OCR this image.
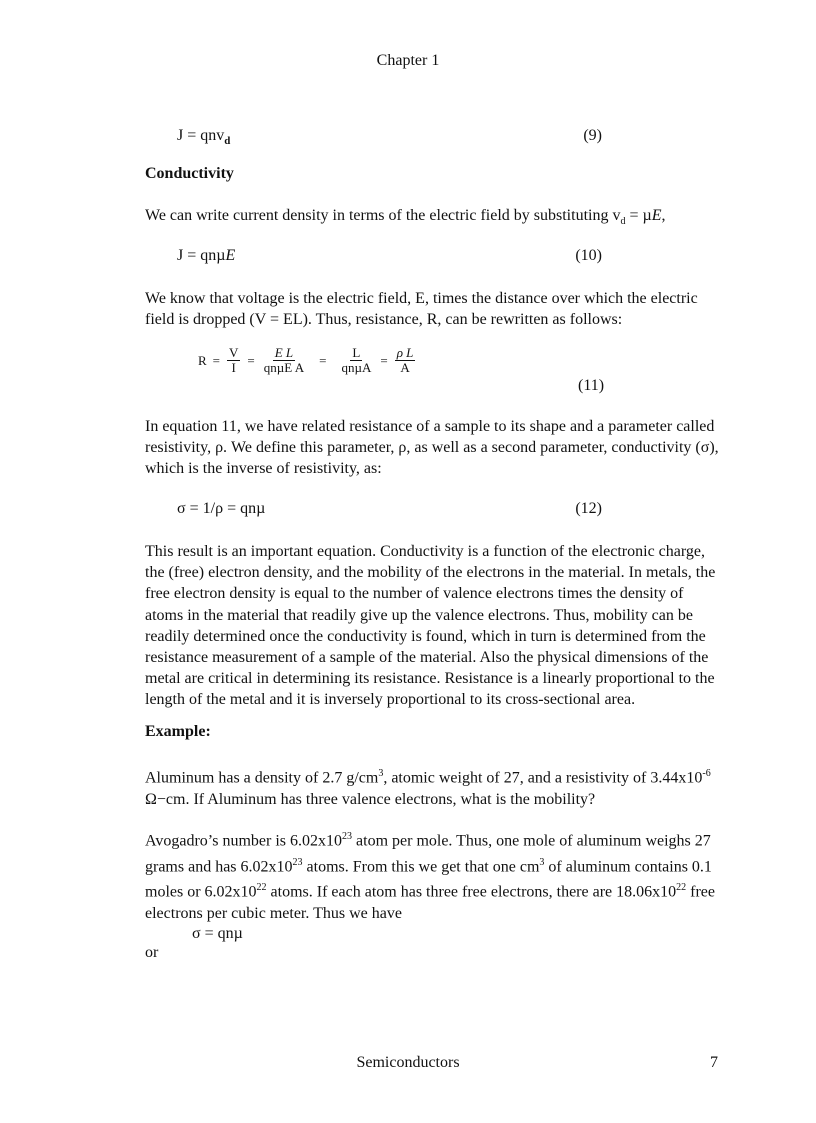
Chapter 1
J = qnv$_d$	(9)
Conductivity
We can write current density in terms of the electric field by substituting $v_d = \mu E$,
J = qnµE	(10)
We know that voltage is the electric field, E, times the distance over which the electric field is dropped (V = EL). Thus, resistance, R, can be rewritten as follows:
$R = \frac{V}{I} = \frac{\text{E L}}{\text{qnµE A}} = \frac{L}{\text{qnµA}} = \frac{\text{ρ L}}{A}$
(11)
In equation 11, we have related resistance of a sample to its shape and a parameter called resistivity, ρ. We define this parameter, ρ, as well as a second parameter, conductivity (σ), which is the inverse of resistivity, as:
σ = 1/ρ = qnµ	(12)
This result is an important equation. Conductivity is a function of the electronic charge, the (free) electron density, and the mobility of the electrons in the material. In metals, the free electron density is equal to the number of valence electrons times the density of atoms in the material that readily give up the valence electrons. Thus, mobility can be readily determined once the conductivity is found, which in turn is determined from the resistance measurement of a sample of the material. Also the physical dimensions of the metal are critical in determining its resistance. Resistance is a linearly proportional to the length of the metal and it is inversely proportional to its cross-sectional area.
Example:
Aluminum has a density of 2.7 $g/cm^3$, atomic weight of 27, and a resistivity of $3.44x10^{-6}$
Ω−cm. If Aluminum has three valence electrons, what is the mobility?
Avogadro’s number is $6.02x10^{23}$ atom per mole. Thus, one mole of aluminum weighs 27 grams and has $6.02x10^{23}$ atoms. From this we get that one $cm^3$ of aluminum contains 0.1 moles or $6.02x10^{22}$ atoms. If each atom has three free electrons, there are $18.06x10^{22}$ free electrons per cubic meter. Thus we have
σ = qnµ
or
Semiconductors	7
